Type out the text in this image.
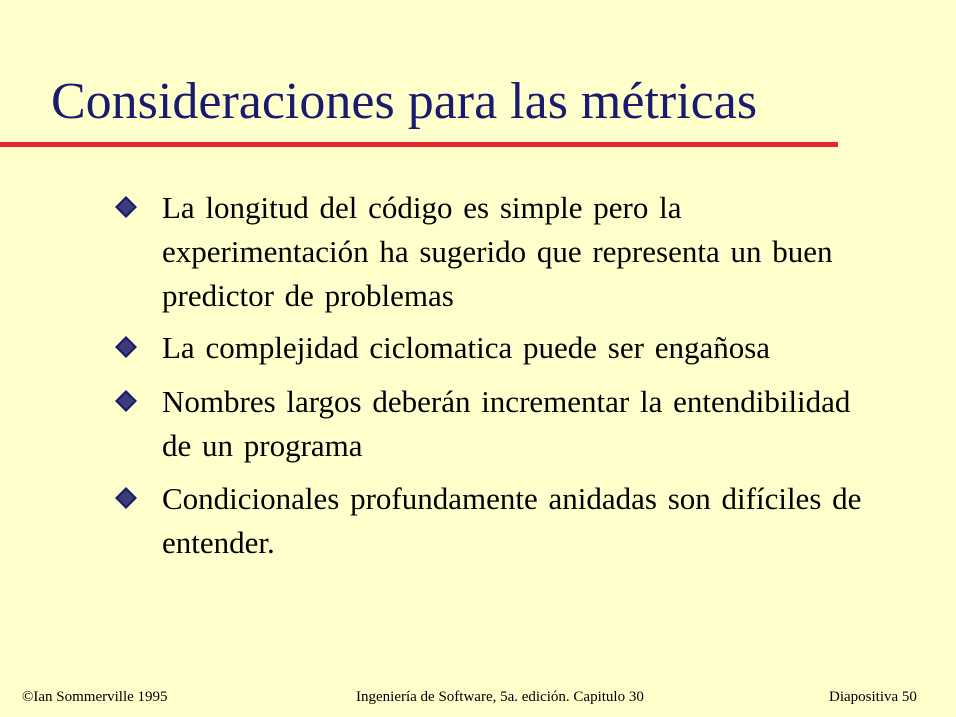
Consideraciones para las métricas
La longitud del código es simple pero la experimentación ha sugerido que representa un buen predictor de problemas
La complejidad ciclomatica puede ser engañosa
Nombres largos deberán incrementar la entendibilidad de un programa
Condicionales profundamente anidadas son difíciles de entender.
©Ian Sommerville 1995	Ingeniería de Software, 5a. edición. Capitulo 30	Diapositiva 50
